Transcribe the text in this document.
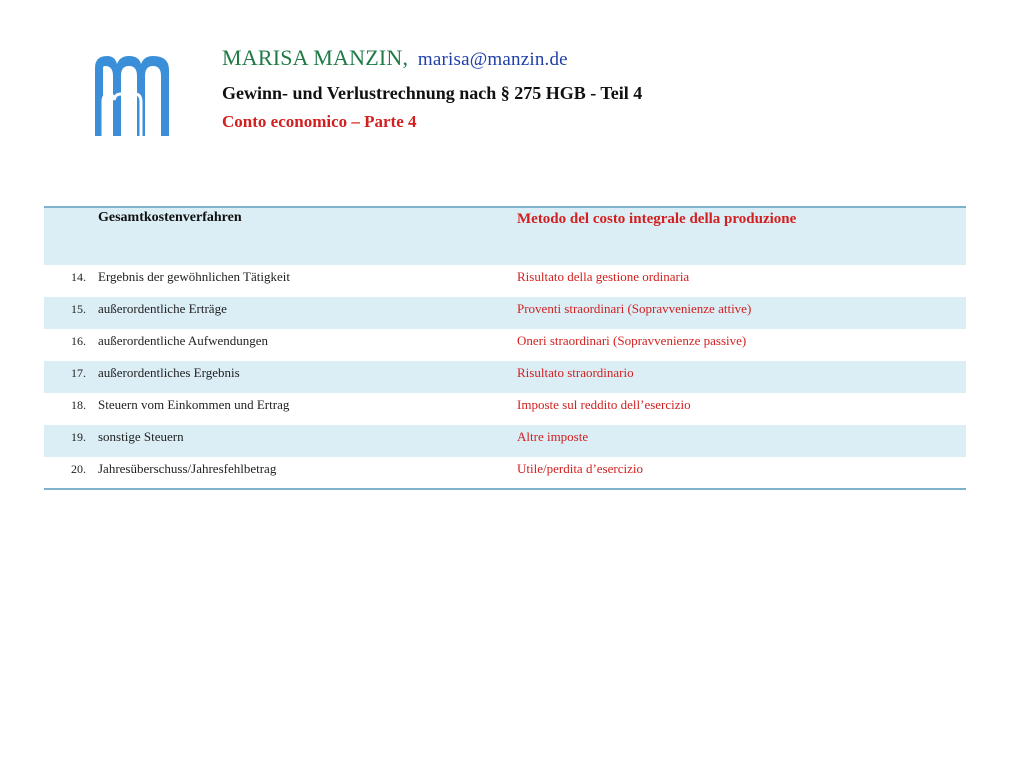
MARISA MANZIN, marisa@manzin.de
Gewinn- und Verlustrechnung nach § 275 HGB - Teil 4
Conto economico – Parte 4
	Gesamtkostenverfahren	Metodo del costo integrale della produzione
14.	Ergebnis der gewöhnlichen Tätigkeit	Risultato della gestione ordinaria
15.	außerordentliche Erträge	Proventi straordinari (Sopravvenienze attive)
16.	außerordentliche Aufwendungen	Oneri straordinari (Sopravvenienze passive)
17.	außerordentliches Ergebnis	Risultato straordinario
18.	Steuern vom Einkommen und Ertrag	Imposte sul reddito dell’esercizio
19.	sonstige Steuern	Altre imposte
20.	Jahresüberschuss/Jahresfehlbetrag	Utile/perdita d’esercizio
